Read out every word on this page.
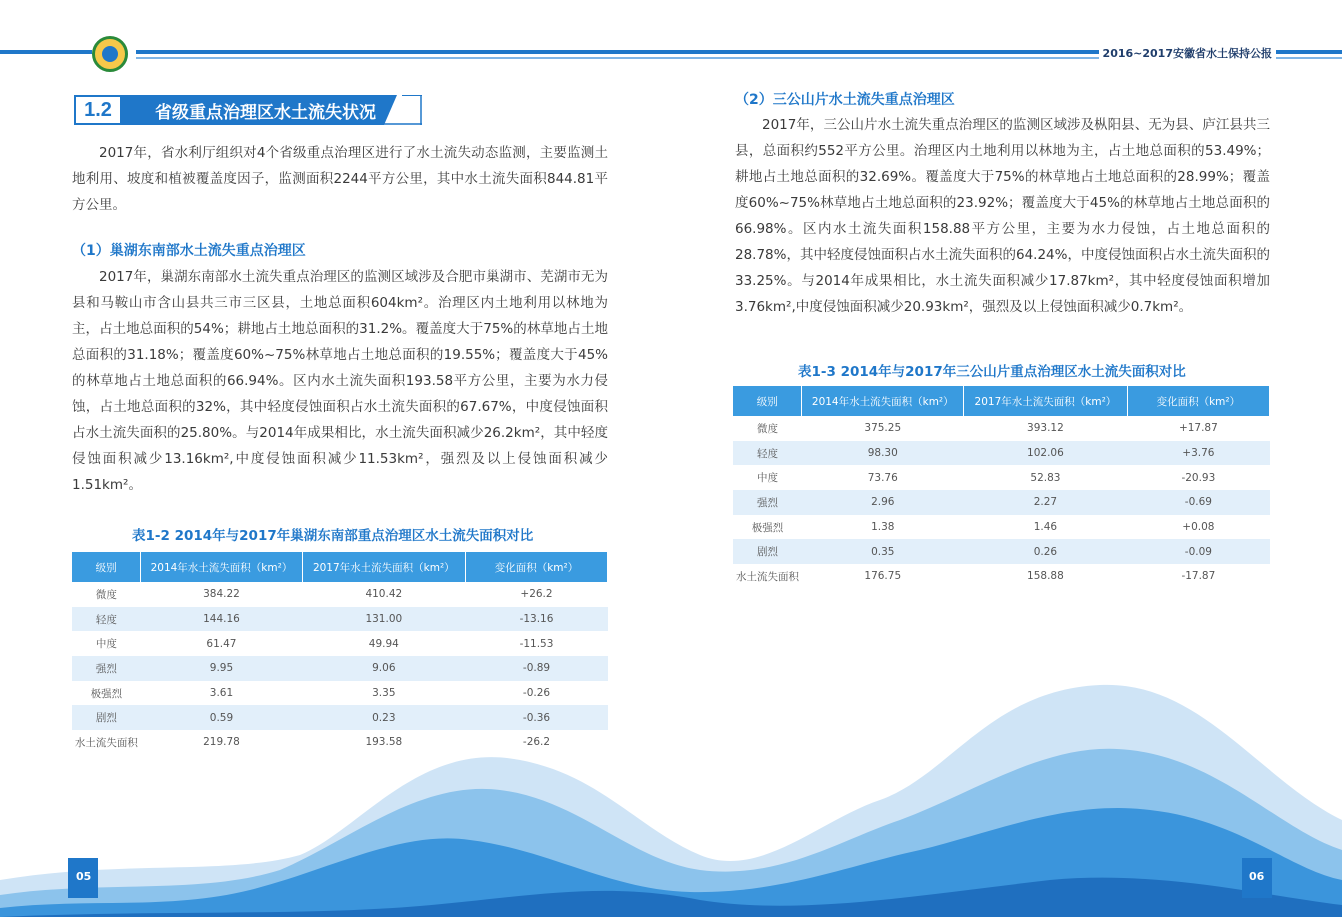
2016~2017安徽省水土保持公报
1.2	省级重点治理区水土流失状况
2017年，省水利厅组织对4个省级重点治理区进行了水土流失动态监测，主要监测土地利用、坡度和植被覆盖度因子，监测面积2244平方公里，其中水土流失面积844.81平方公里。
（1）巢湖东南部水土流失重点治理区
2017年，巢湖东南部水土流失重点治理区的监测区域涉及合肥市巢湖市、芜湖市无为县和马鞍山市含山县共三市三区县，土地总面积604km²。治理区内土地利用以林地为主，占土地总面积的54%；耕地占土地总面积的31.2%。覆盖度大于75%的林草地占土地总面积的31.18%；覆盖度60%~75%林草地占土地总面积的19.55%；覆盖度大于45%的林草地占土地总面积的66.94%。区内水土流失面积193.58平方公里，主要为水力侵蚀，占土地总面积的32%，其中轻度侵蚀面积占水土流失面积的67.67%，中度侵蚀面积占水土流失面积的25.80%。与2014年成果相比，水土流失面积减少26.2km²，其中轻度侵蚀面积减少13.16km²,中度侵蚀面积减少11.53km²，强烈及以上侵蚀面积减少1.51km²。
表1-2 2014年与2017年巢湖东南部重点治理区水土流失面积对比
级别	2014年水土流失面积（km²）	2017年水土流失面积（km²）	变化面积（km²）
微度	384.22	410.42	+26.2
轻度	144.16	131.00	-13.16
中度	61.47	49.94	-11.53
强烈	9.95	9.06	-0.89
极强烈	3.61	3.35	-0.26
剧烈	0.59	0.23	-0.36
水土流失面积	219.78	193.58	-26.2
（2）三公山片水土流失重点治理区
2017年，三公山片水土流失重点治理区的监测区域涉及枞阳县、无为县、庐江县共三县，总面积约552平方公里。治理区内土地利用以林地为主，占土地总面积的53.49%；耕地占土地总面积的32.69%。覆盖度大于75%的林草地占土地总面积的28.99%；覆盖度60%~75%林草地占土地总面积的23.92%；覆盖度大于45%的林草地占土地总面积的66.98%。区内水土流失面积158.88平方公里，主要为水力侵蚀，占土地总面积的28.78%，其中轻度侵蚀面积占水土流失面积的64.24%，中度侵蚀面积占水土流失面积的33.25%。与2014年成果相比，水土流失面积减少17.87km²，其中轻度侵蚀面积增加3.76km²,中度侵蚀面积减少20.93km²，强烈及以上侵蚀面积减少0.7km²。
表1-3 2014年与2017年三公山片重点治理区水土流失面积对比
级别	2014年水土流失面积（km²）	2017年水土流失面积（km²）	变化面积（km²）
微度	375.25	393.12	+17.87
轻度	98.30	102.06	+3.76
中度	73.76	52.83	-20.93
强烈	2.96	2.27	-0.69
极强烈	1.38	1.46	+0.08
剧烈	0.35	0.26	-0.09
水土流失面积	176.75	158.88	-17.87
05	06
